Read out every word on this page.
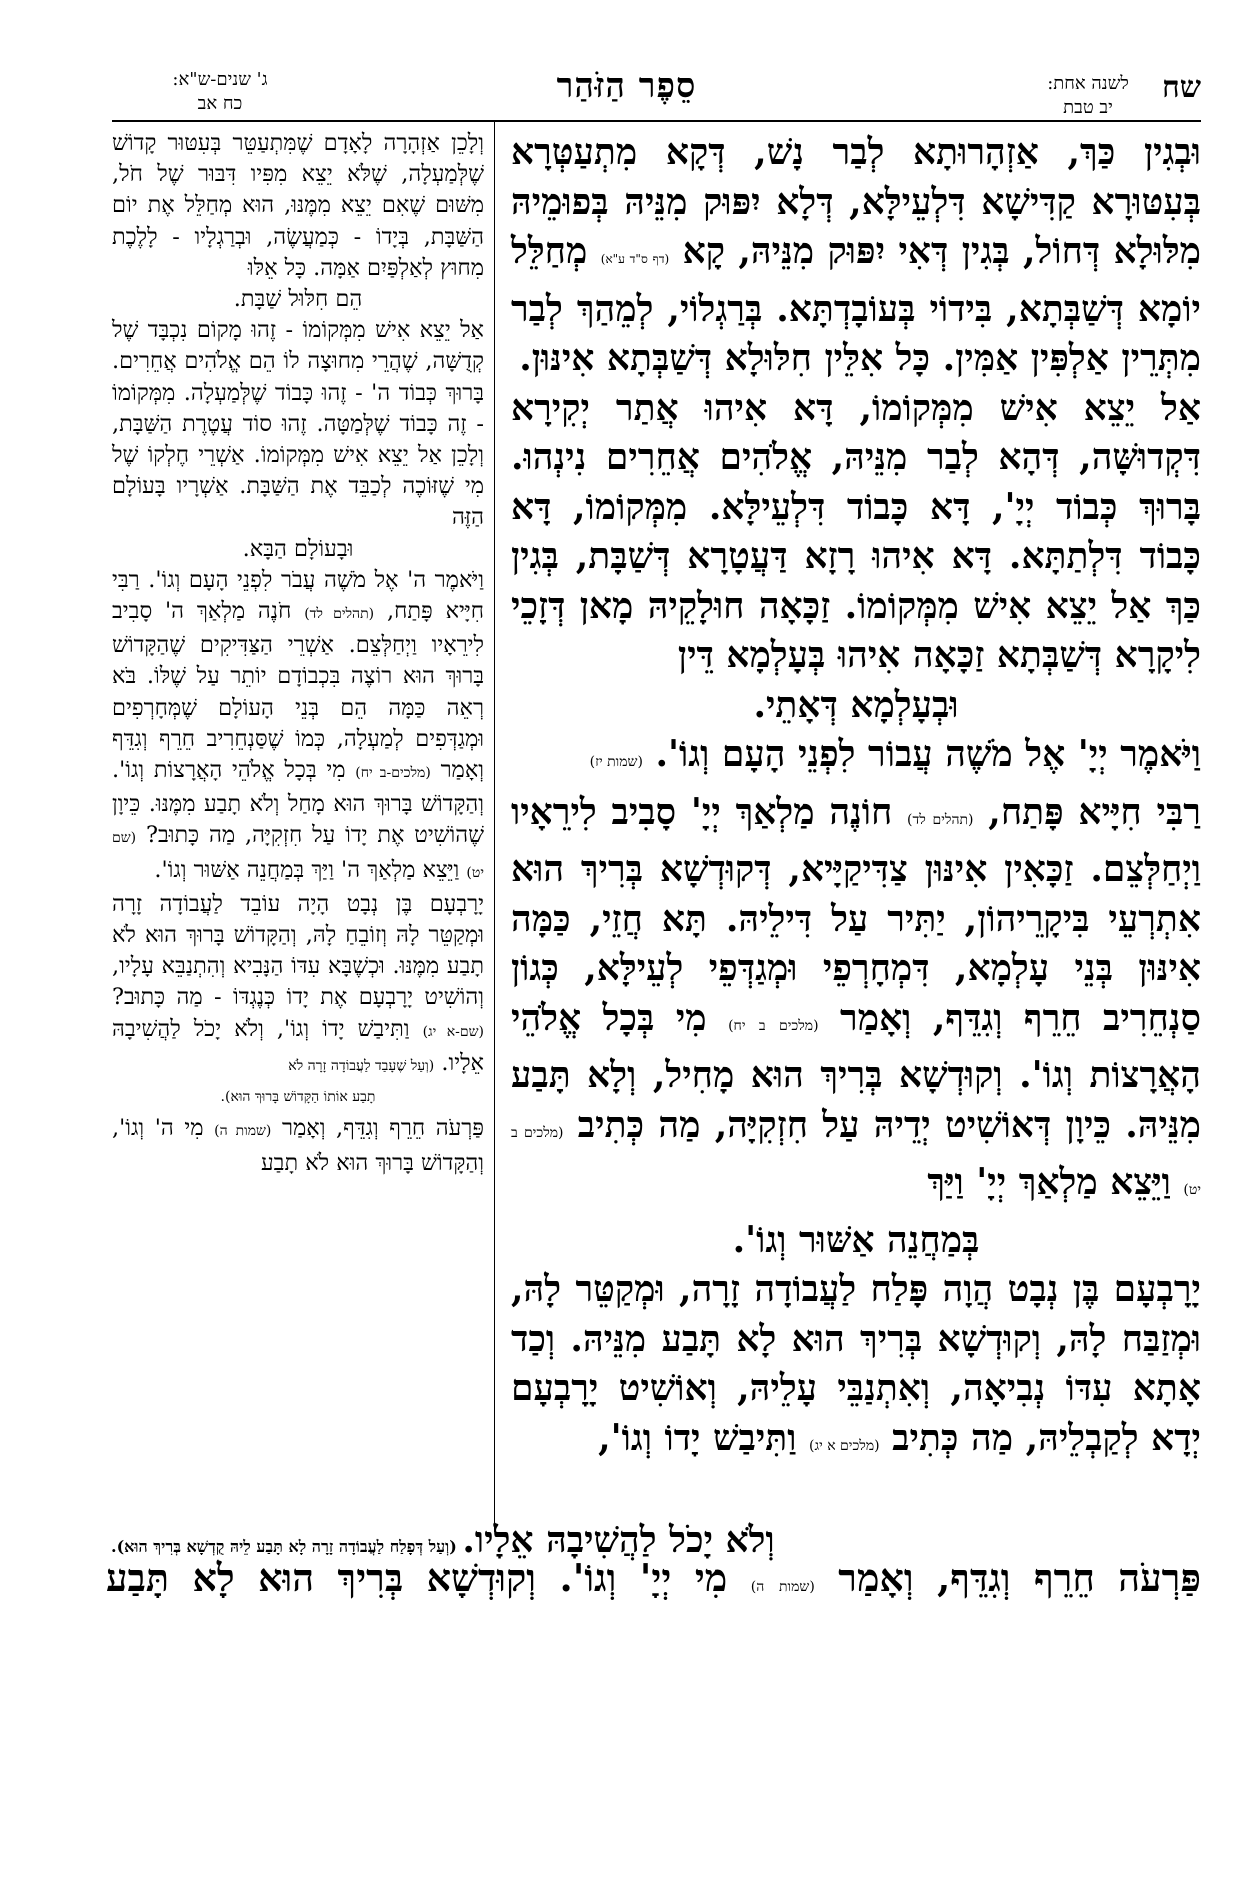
שח
לשנה אחת:
יב טבת
סֵפֶר הַזֹּהַר
ג' שנים-ש"א:
כח אב

וּבְגִין כַּךְ, אַזְהָרוּתָא לְבַר נָשׁ, דְּקָא מִתְעַטְּרָא בְּעִטּוּרָא קַדִּישָׁא דִּלְעֵילָּא, דְּלָא יִפּוּק מִנֵּיהּ בְּפוּמֵיהּ מִלּוּלָא דְּחוֹל, בְּגִין דְּאִי יִפּוּק מִנֵּיהּ, קָא (דף ס"ד ע"א) מְחַלֵּל יוֹמָא דְּשַׁבְּתָא, בִּידוֹי בְּעוֹבָדְתָּא. בְּרַגְלוֹי, לְמֵהַךְ לְבַר מִתְּרֵין אַלְפִּין אַמִּין. כָּל אִלֵּין חִלּוּלָא דְּשַׁבְּתָא אִינּוּן.

אַל יֵצֵא אִישׁ מִמְּקוֹמוֹ, דָּא אִיהוּ אֲתַר יְקִירָא דִּקְדוּשָּׁה, דְּהָא לְבַר מִנֵּיהּ, אֱלֹהִים אֲחֵרִים נִינְהוּ. בָּרוּךְ כְּבוֹד יְיָ', דָּא כָּבוֹד דִּלְעֵילָּא. מִמְּקוֹמוֹ, דָּא כָּבוֹד דִּלְתַתָּא. דָּא אִיהוּ רָזָא דַּעֲטָרָא דְּשַׁבָּת, בְּגִין כַּךְ אַל יֵצֵא אִישׁ מִמְּקוֹמוֹ. זַכָּאָה חוּלָקֵיהּ מָאן דְּזָכֵי לִיקָרָא דְּשַׁבְּתָא זַכָּאָה אִיהוּ בְּעָלְמָא דֵּין

וּבְעָלְמָא דְּאָתֵי.

וַיֹּאמֶר יְיָ' אֶל מֹשֶׁה עֲבוֹר לִפְנֵי הָעָם וְגוֹ'. (שמות יז)

רַבִּי חִיָּיא פָּתַח, (תהלים לד) חוֹנֶה מַלְאַךְ יְיָ' סָבִיב לִירֵאָיו וַיְחַלְּצֵם. זַכָּאִין אִינּוּן צַדִּיקַיָּיא, דְּקוּדְשָׁא בְּרִיךְ הוּא אִתְרְעֵי בִּיקָרֵיהוֹן, יַתִּיר עַל דִּילֵיהּ. תָּא חֲזֵי, כַּמָּה אִינּוּן בְּנֵי עָלְמָא, דִּמְחָרְפֵי וּמְגַדְּפֵי לְעֵילָּא, כְּגוֹן סַנְחֵרִיב חֵרֵף וְגִדֵּף, וְאָמַר (מלכים ב יח) מִי בְּכָל אֱלֹהֵי הָאֲרָצוֹת וְגוֹ'. וְקוּדְשָׁא בְּרִיךְ הוּא מָחִיל, וְלָא תָּבַע מִנֵּיהּ. כֵּיוָן דְּאוֹשִׁיט יְדֵיהּ עַל חִזְקִיָּה, מַה כְּתִיב (מלכים ב יט) וַיֵּצֵא מַלְאַךְ יְיָ' וַיַּךְ

בְּמַחֲנֵה אַשּׁוּר וְגוֹ'.

יָרָבְעָם בֶּן נְבָט הֲוָה פָּלַח לַעֲבוֹדָה זָרָה, וּמְקַטֵּר לָהּ, וּמְזַבַּח לָהּ, וְקוּדְשָׁא בְּרִיךְ הוּא לָא תָּבַע מִנֵּיהּ. וְכַד אָתָא עִדּוֹ נְבִיאָה, וְאִתְנַבֵּי עָלֵיהּ, וְאוֹשִׁיט יָרָבְעָם יְדָא לְקַבְלֵיהּ, מַה כְּתִיב (מלכים א יג) וַתִּיבַשׁ יָדוֹ וְגוֹ',

וְלָכֵן אַזְהָרָה לָאָדָם שֶׁמִּתְעַטֵּר בְּעִטּוּר קָדוֹשׁ שֶׁלְּמַעְלָה, שֶׁלֹּא יֵצֵא מִפִּיו דִּבּוּר שֶׁל חֹל, מִשּׁוּם שֶׁאִם יֵצֵא מִמֶּנּוּ, הוּא מְחַלֵּל אֶת יוֹם הַשַּׁבָּת, בְּיָדוֹ - כְּמַעֲשֶׂה, וּבְרַגְלָיו - לָלֶכֶת מִחוּץ לְאַלְפַּיִם אַמָּה. כָּל אֵלּוּ

הֵם חִלּוּל שַׁבָּת.

אַל יֵצֵא אִישׁ מִמְּקוֹמוֹ - זֶהוּ מָקוֹם נִכְבָּד שֶׁל קְדֻשָּׁה, שֶׁהֲרֵי מִחוּצָה לוֹ הֵם אֱלֹהִים אֲחֵרִים. בָּרוּךְ כְּבוֹד ה' - זֶהוּ כָּבוֹד שֶׁלְּמַעְלָה. מִמְּקוֹמוֹ - זֶה כָּבוֹד שֶׁלְּמַטָּה. זֶהוּ סוֹד עֲטֶרֶת הַשַּׁבָּת, וְלָכֵן אַל יֵצֵא אִישׁ מִמְּקוֹמוֹ. אַשְׁרֵי חֶלְקוֹ שֶׁל מִי שֶׁזּוֹכֶה לְכַבֵּד אֶת הַשַּׁבָּת. אַשְׁרָיו בָּעוֹלָם הַזֶּה

וּבָעוֹלָם הַבָּא.

וַיֹּאמֶר ה' אֶל מֹשֶׁה עֲבֹר לִפְנֵי הָעָם וְגוֹ'. רַבִּי חִיָּיא פָּתַח, (תהלים לד) חֹנֶה מַלְאַךְ ה' סָבִיב לִירֵאָיו וַיְחַלְּצֵם. אַשְׁרֵי הַצַּדִּיקִים שֶׁהַקָּדוֹשׁ בָּרוּךְ הוּא רוֹצֶה בִּכְבוֹדָם יוֹתֵר עַל שֶׁלּוֹ. בֹּא רְאֵה כַּמָּה הֵם בְּנֵי הָעוֹלָם שֶׁמְּחָרְפִים וּמְגַדְּפִים לְמַעְלָה, כְּמוֹ שֶׁסַּנְחֵרִיב חֵרֵף וְגִדֵּף וְאָמַר (מלכים-ב יח) מִי בְּכָל אֱלֹהֵי הָאֲרָצוֹת וְגוֹ'. וְהַקָּדוֹשׁ בָּרוּךְ הוּא מָחַל וְלֹא תָבַע מִמֶּנּוּ. כֵּיוָן שֶׁהוֹשִׁיט אֶת יָדוֹ עַל חִזְקִיָּה, מַה כָּתוּב? (שם יט) וַיֵּצֵא מַלְאַךְ ה' וַיַּךְ בְּמַחֲנֵה אַשּׁוּר וְגוֹ'.

יָרָבְעָם בֶּן נְבָט הָיָה עוֹבֵד לַעֲבוֹדָה זָרָה וּמְקַטֵּר לָהּ וְזוֹבֵחַ לָהּ, וְהַקָּדוֹשׁ בָּרוּךְ הוּא לֹא תָבַע מִמֶּנּוּ. וּכְשֶׁבָּא עִדּוֹ הַנָּבִיא וְהִתְנַבֵּא עָלָיו, וְהוֹשִׁיט יָרָבְעָם אֶת יָדוֹ כְּנֶגְדּוֹ - מַה כָּתוּב? (שם-א יג) וַתִּיבַשׁ יָדוֹ וְגוֹ', וְלֹא יָכֹל לַהֲשִׁיבָהּ אֵלָיו. (וְעַל שֶׁעָבַד לַעֲבוֹדָה זָרָה לֹא

תָבַע אוֹתוֹ הַקָּדוֹשׁ בָּרוּךְ הוּא).

פַּרְעֹה חֵרֵף וְגִדֵּף, וְאָמַר (שמות ה) מִי ה' וְגוֹ', וְהַקָּדוֹשׁ בָּרוּךְ הוּא לֹא תָבַע

וְלֹא יָכֹל לַהֲשִׁיבָהּ אֵלָיו. (וְעַל דְּפָלַח לַעֲבוֹדָה זָרָה לָא תָּבַע לֵיהּ קֻדְשָׁא בְּרִיךְ הוּא).
פַּרְעֹה חֵרֵף וְגִדֵּף, וְאָמַר (שמות ה) מִי יְיָ' וְגוֹ'. וְקוּדְשָׁא בְּרִיךְ הוּא לָא תָּבַע
